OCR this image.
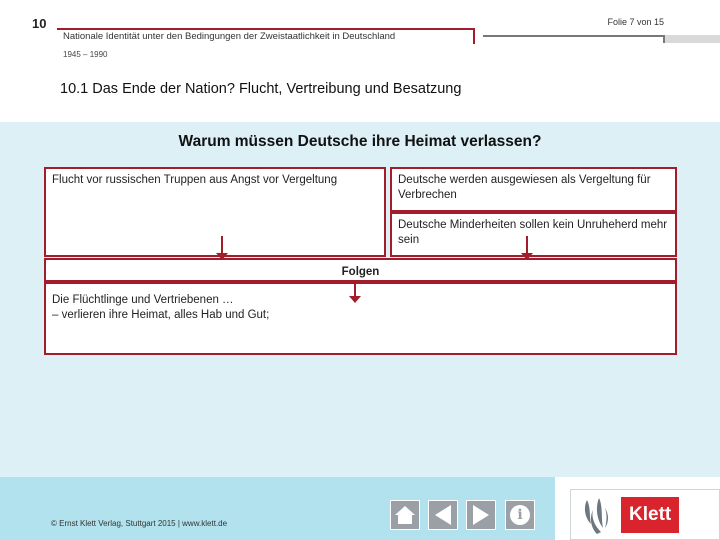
10	Folie 7 von 15
Nationale Identität unter den Bedingungen der Zweistaatlichkeit in Deutschland
1945 – 1990
10.1 Das Ende der Nation? Flucht, Vertreibung und Besatzung
Warum müssen Deutsche ihre Heimat verlassen?
Flucht vor russischen Truppen aus Angst vor Vergeltung	Deutsche werden ausgewiesen als Vergeltung für Verbrechen
Deutsche Minderheiten sollen kein Unruheherd mehr sein
Folgen
Die Flüchtlinge und Vertriebenen …
– verlieren ihre Heimat, alles Hab und Gut;
© Ernst Klett Verlag, Stuttgart 2015 | www.klett.de
i	Klett
